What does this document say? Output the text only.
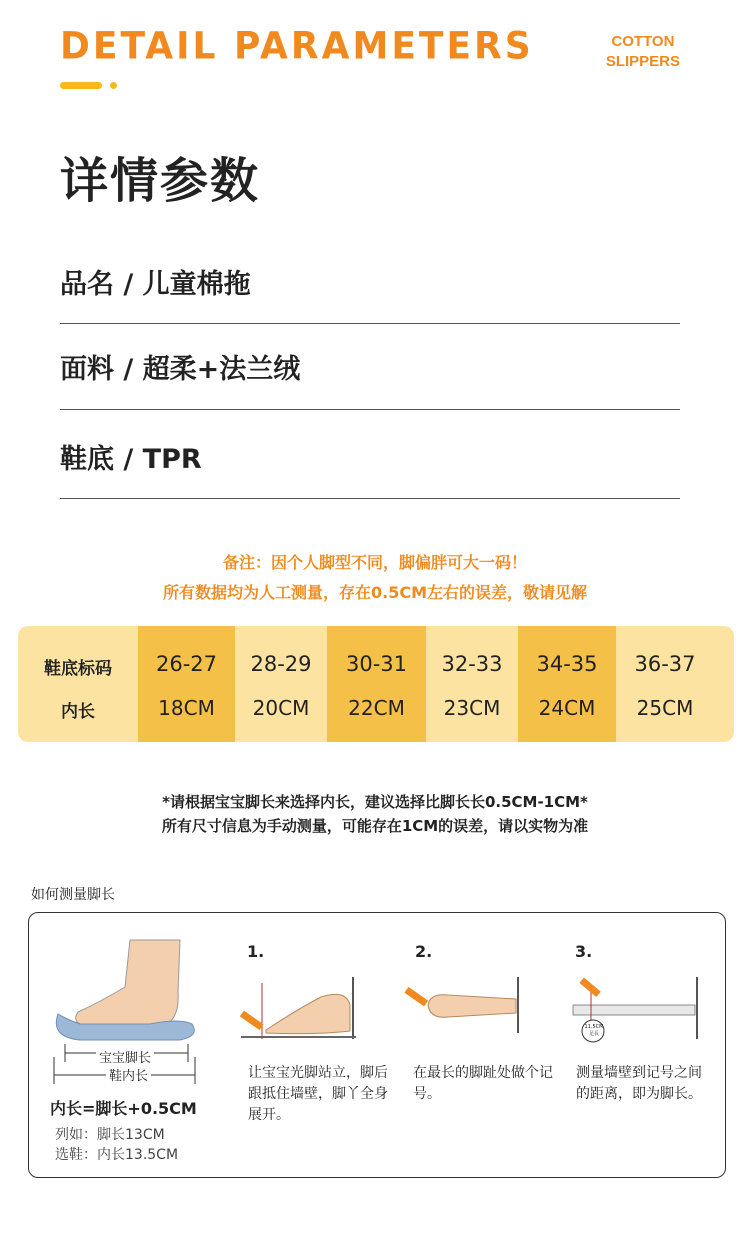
DETAIL PARAMETERS	COTTON
SLIPPERS
详情参数
品名 / 儿童棉拖
面料 / 超柔+法兰绒
鞋底 / TPR
备注：因个人脚型不同，脚偏胖可大一码！
所有数据均为人工测量，存在0.5CM左右的误差，敬请见解
鞋底标码
内长
26-27
18CM
28-29
20CM
30-31
22CM
32-33
23CM
34-35
24CM
36-37
25CM
*请根据宝宝脚长来选择内长，建议选择比脚长长0.5CM-1CM*
所有尺寸信息为手动测量，可能存在1CM的误差，请以实物为准
如何测量脚长
宝宝脚长
鞋内长
内长=脚长+0.5CM
列如：脚长13CM
选鞋：内长13.5CM
1.
让宝宝光脚站立，脚后跟抵住墙壁，脚丫全身展开。
2.
在最长的脚趾处做个记号。
3.
11.5CM
足長
测量墙壁到记号之间的距离，即为脚长。
